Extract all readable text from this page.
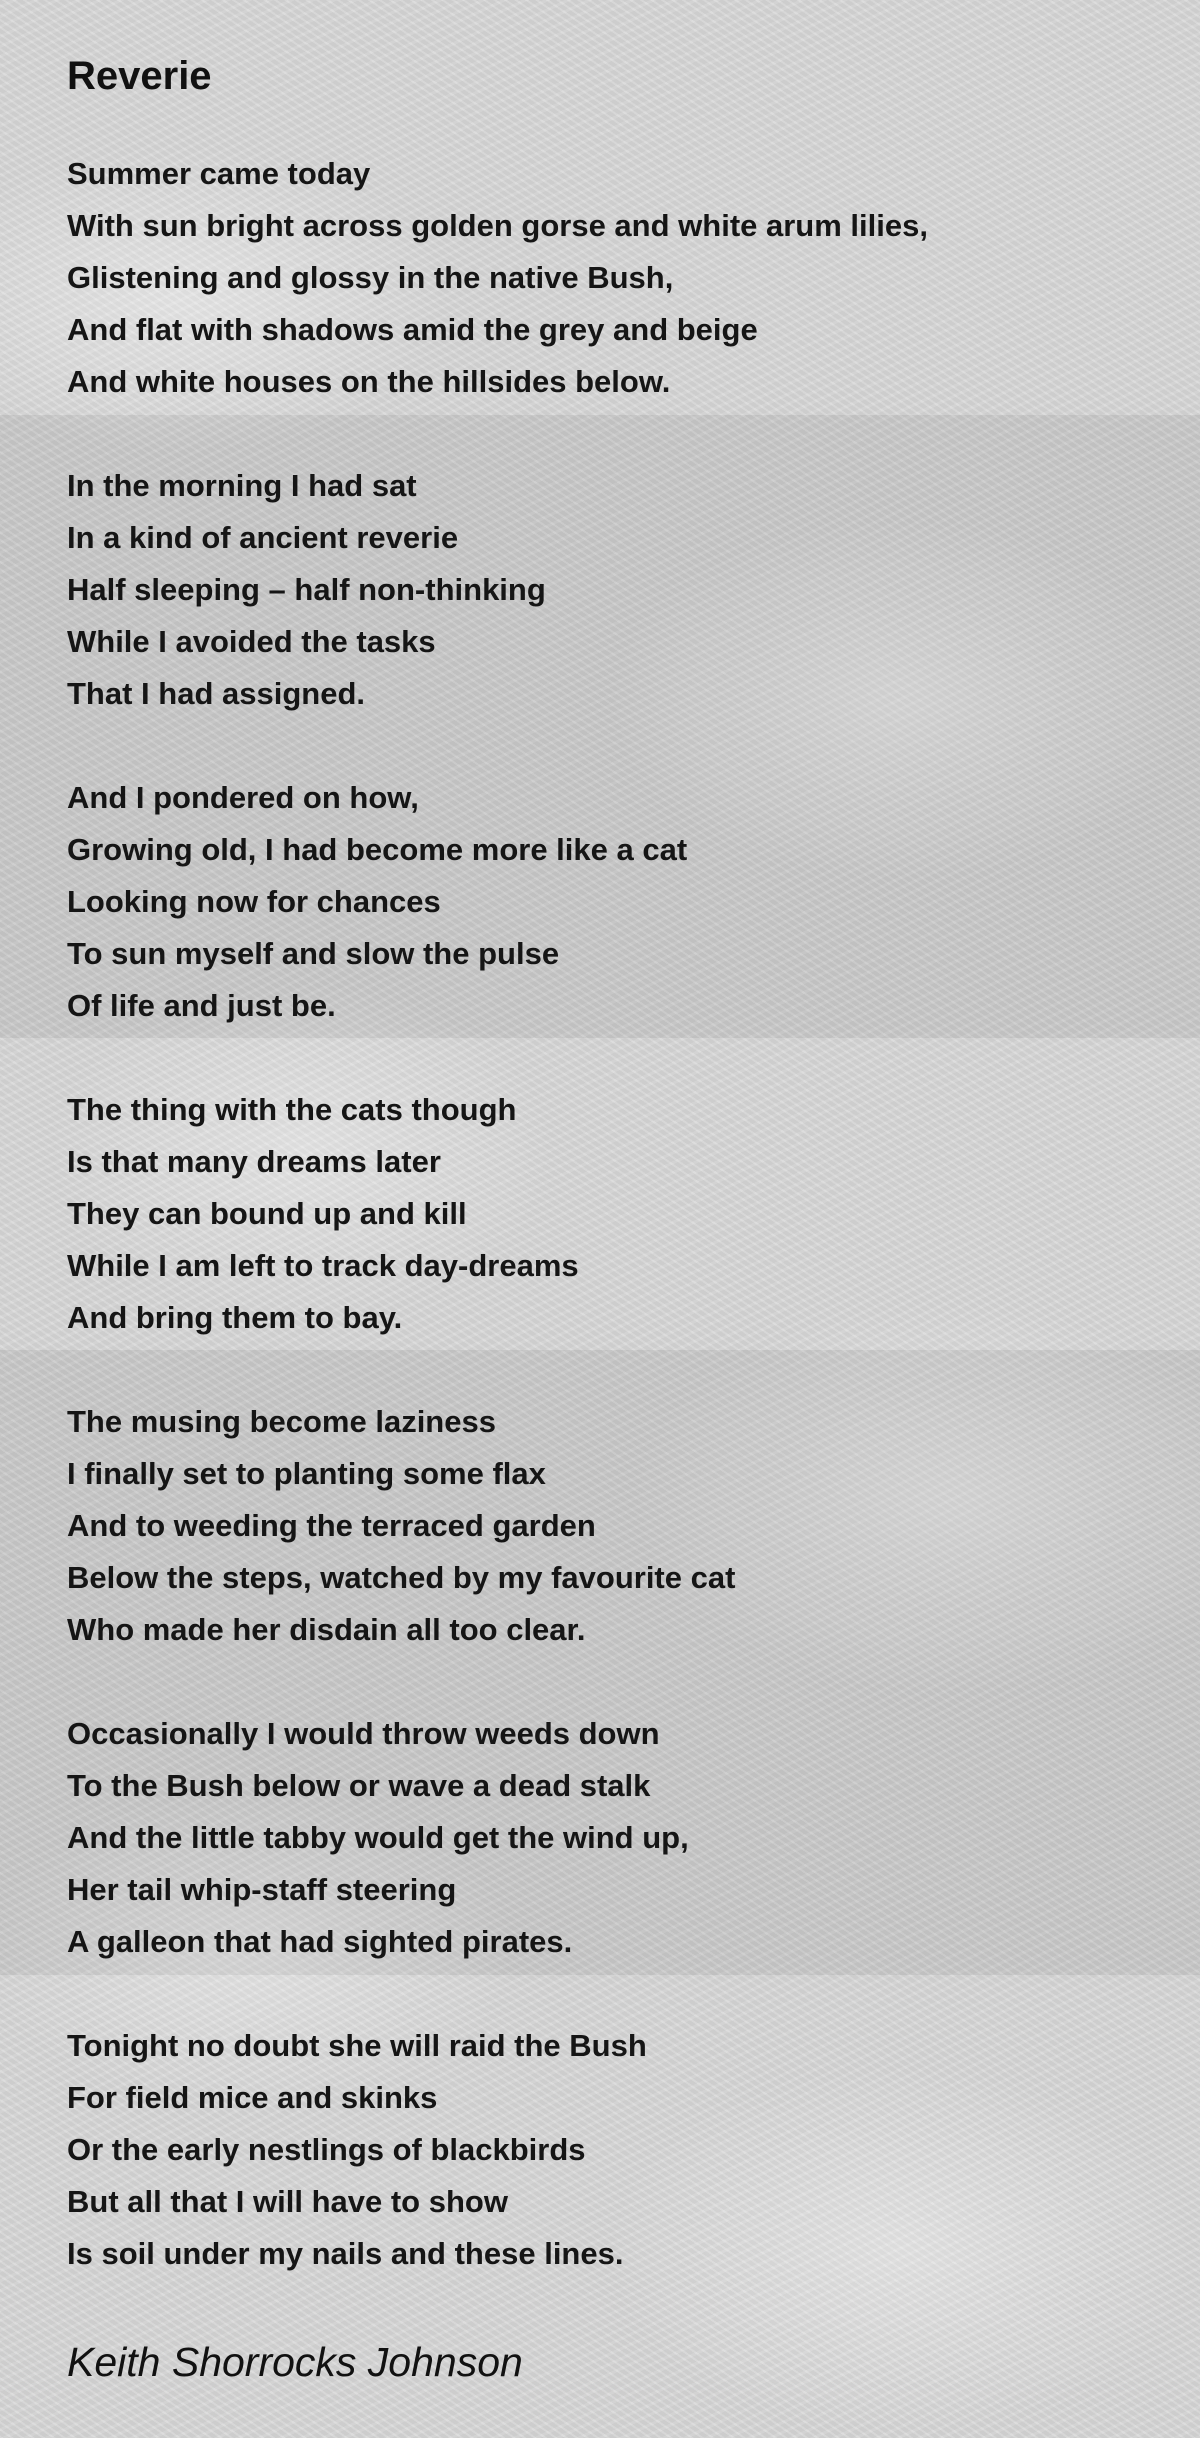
Reverie
Summer came today
With sun bright across golden gorse and white arum lilies,
Glistening and glossy in the native Bush,
And flat with shadows amid the grey and beige
And white houses on the hillsides below.
In the morning I had sat
In a kind of ancient reverie
Half sleeping – half non-thinking
While I avoided the tasks
That I had assigned.
And I pondered on how,
Growing old, I had become more like a cat
Looking now for chances
To sun myself and slow the pulse
Of life and just be.
The thing with the cats though
Is that many dreams later
They can bound up and kill
While I am left to track day-dreams
And bring them to bay.
The musing become laziness
I finally set to planting some flax
And to weeding the terraced garden
Below the steps, watched by my favourite cat
Who made her disdain all too clear.
Occasionally I would throw weeds down
To the Bush below or wave a dead stalk
And the little tabby would get the wind up,
Her tail whip-staff steering
A galleon that had sighted pirates.
Tonight no doubt she will raid the Bush
For field mice and skinks
Or the early nestlings of blackbirds
But all that I will have to show
Is soil under my nails and these lines.

Keith Shorrocks Johnson
